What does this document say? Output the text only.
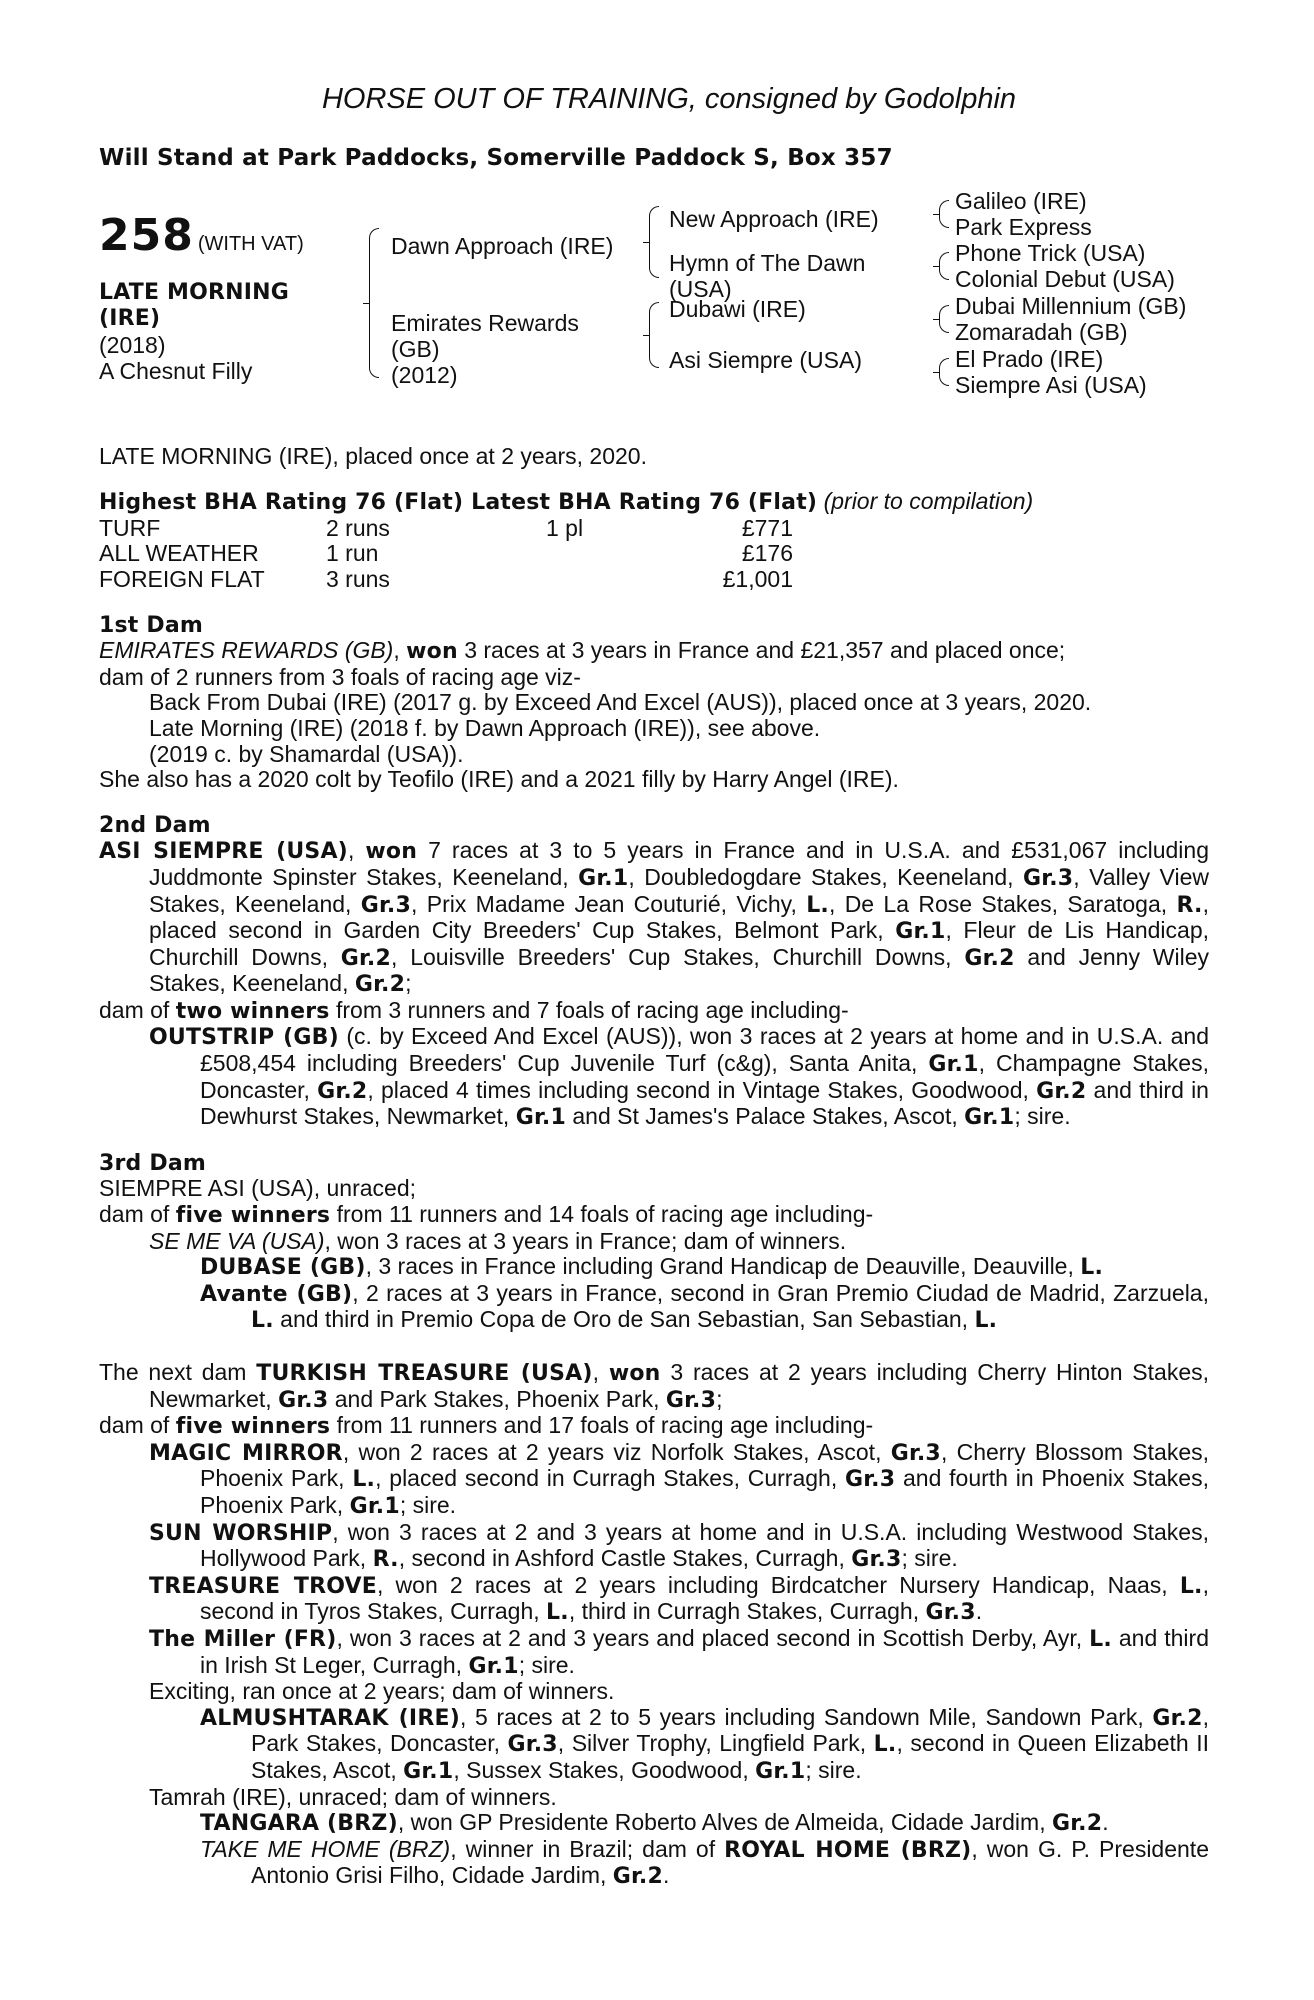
HORSE OUT OF TRAINING, consigned by Godolphin
Will Stand at Park Paddocks, Somerville Paddock S, Box 357
258 (WITH VAT)
LATE MORNING
(IRE)
(2018)
A Chesnut Filly
Dawn Approach (IRE)
Emirates Rewards
(GB)
(2012)
New Approach (IRE)
Hymn of The Dawn
(USA)
Dubawi (IRE)
Asi Siempre (USA)
Galileo (IRE)
Park Express
Phone Trick (USA)
Colonial Debut (USA)
Dubai Millennium (GB)
Zomaradah (GB)
El Prado (IRE)
Siempre Asi (USA)

LATE MORNING (IRE), placed once at 2 years, 2020.

Highest BHA Rating 76 (Flat) Latest BHA Rating 76 (Flat) (prior to compilation)

TURF	2 runs	1 pl	£771
ALL WEATHER	1 run	£176
FOREIGN FLAT	3 runs	£1,001

1st Dam

EMIRATES REWARDS (GB), won 3 races at 3 years in France and £21,357 and placed once;

dam of 2 runners from 3 foals of racing age viz-

Back From Dubai (IRE) (2017 g. by Exceed And Excel (AUS)), placed once at 3 years, 2020.

Late Morning (IRE) (2018 f. by Dawn Approach (IRE)), see above.

(2019 c. by Shamardal (USA)).

She also has a 2020 colt by Teofilo (IRE) and a 2021 filly by Harry Angel (IRE).

2nd Dam

ASI SIEMPRE (USA), won 7 races at 3 to 5 years in France and in U.S.A. and £531,067 including Juddmonte Spinster Stakes, Keeneland, Gr.1, Doubledogdare Stakes, Keeneland, Gr.3, Valley View Stakes, Keeneland, Gr.3, Prix Madame Jean Couturié, Vichy, L., De La Rose Stakes, Saratoga, R., placed second in Garden City Breeders' Cup Stakes, Belmont Park, Gr.1, Fleur de Lis Handicap, Churchill Downs, Gr.2, Louisville Breeders' Cup Stakes, Churchill Downs, Gr.2 and Jenny Wiley Stakes, Keeneland, Gr.2;

dam of two winners from 3 runners and 7 foals of racing age including-

OUTSTRIP (GB) (c. by Exceed And Excel (AUS)), won 3 races at 2 years at home and in U.S.A. and £508,454 including Breeders' Cup Juvenile Turf (c&g), Santa Anita, Gr.1, Champagne Stakes, Doncaster, Gr.2, placed 4 times including second in Vintage Stakes, Goodwood, Gr.2 and third in Dewhurst Stakes, Newmarket, Gr.1 and St James's Palace Stakes, Ascot, Gr.1; sire.

3rd Dam

SIEMPRE ASI (USA), unraced;

dam of five winners from 11 runners and 14 foals of racing age including-

SE ME VA (USA), won 3 races at 3 years in France; dam of winners.

DUBASE (GB), 3 races in France including Grand Handicap de Deauville, Deauville, L.

Avante (GB), 2 races at 3 years in France, second in Gran Premio Ciudad de Madrid, Zarzuela, L. and third in Premio Copa de Oro de San Sebastian, San Sebastian, L.

The next dam TURKISH TREASURE (USA), won 3 races at 2 years including Cherry Hinton Stakes, Newmarket, Gr.3 and Park Stakes, Phoenix Park, Gr.3;

dam of five winners from 11 runners and 17 foals of racing age including-

MAGIC MIRROR, won 2 races at 2 years viz Norfolk Stakes, Ascot, Gr.3, Cherry Blossom Stakes, Phoenix Park, L., placed second in Curragh Stakes, Curragh, Gr.3 and fourth in Phoenix Stakes, Phoenix Park, Gr.1; sire.

SUN WORSHIP, won 3 races at 2 and 3 years at home and in U.S.A. including Westwood Stakes, Hollywood Park, R., second in Ashford Castle Stakes, Curragh, Gr.3; sire.

TREASURE TROVE, won 2 races at 2 years including Birdcatcher Nursery Handicap, Naas, L., second in Tyros Stakes, Curragh, L., third in Curragh Stakes, Curragh, Gr.3.

The Miller (FR), won 3 races at 2 and 3 years and placed second in Scottish Derby, Ayr, L. and third in Irish St Leger, Curragh, Gr.1; sire.

Exciting, ran once at 2 years; dam of winners.

ALMUSHTARAK (IRE), 5 races at 2 to 5 years including Sandown Mile, Sandown Park, Gr.2, Park Stakes, Doncaster, Gr.3, Silver Trophy, Lingfield Park, L., second in Queen Elizabeth II Stakes, Ascot, Gr.1, Sussex Stakes, Goodwood, Gr.1; sire.

Tamrah (IRE), unraced; dam of winners.

TANGARA (BRZ), won GP Presidente Roberto Alves de Almeida, Cidade Jardim, Gr.2.

TAKE ME HOME (BRZ), winner in Brazil; dam of ROYAL HOME (BRZ), won G. P. Presidente Antonio Grisi Filho, Cidade Jardim, Gr.2.
